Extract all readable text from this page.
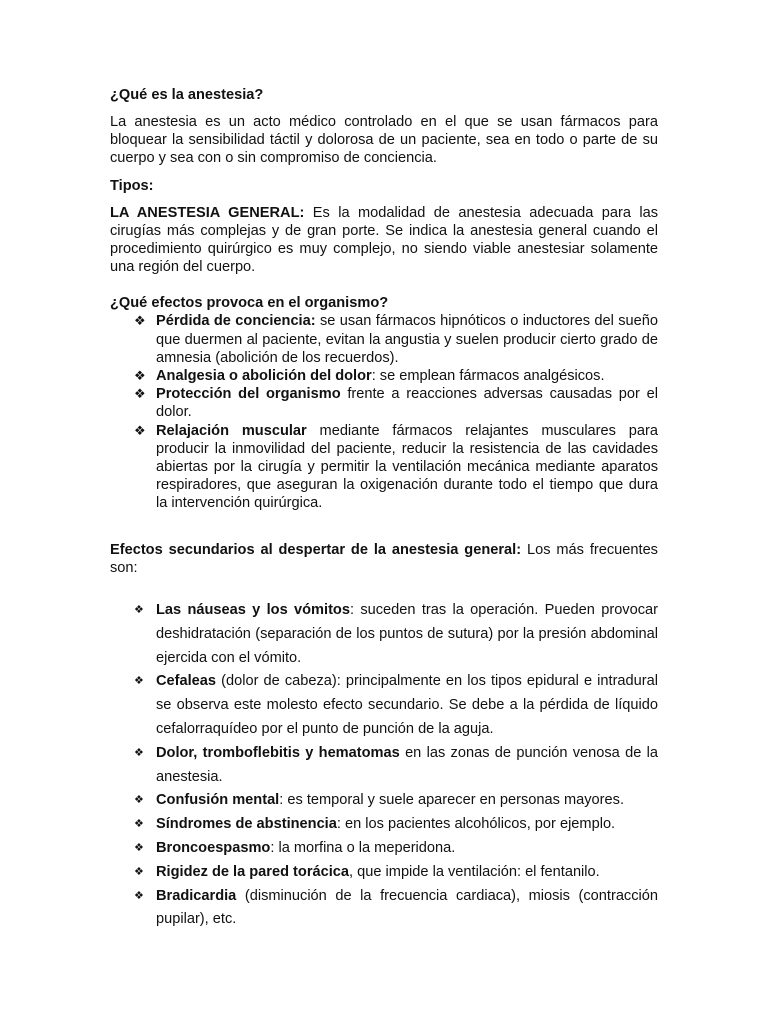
¿Qué es la anestesia?

La anestesia es un acto médico controlado en el que se usan fármacos para bloquear la sensibilidad táctil y dolorosa de un paciente, sea en todo o parte de su cuerpo y sea con o sin compromiso de conciencia.

Tipos:

LA ANESTESIA GENERAL: Es la modalidad de anestesia adecuada para las cirugías más complejas y de gran porte. Se indica la anestesia general cuando el procedimiento quirúrgico es muy complejo, no siendo viable anestesiar solamente una región del cuerpo.

¿Qué efectos provoca en el organismo?

❖ Pérdida de conciencia: se usan fármacos hipnóticos o inductores del sueño que duermen al paciente, evitan la angustia y suelen producir cierto grado de amnesia (abolición de los recuerdos).
❖ Analgesia o abolición del dolor: se emplean fármacos analgésicos.
❖ Protección del organismo frente a reacciones adversas causadas por el dolor.
❖ Relajación muscular mediante fármacos relajantes musculares para producir la inmovilidad del paciente, reducir la resistencia de las cavidades abiertas por la cirugía y permitir la ventilación mecánica mediante aparatos respiradores, que aseguran la oxigenación durante todo el tiempo que dura la intervención quirúrgica.

Efectos secundarios al despertar de la anestesia general: Los más frecuentes son:

❖ Las náuseas y los vómitos: suceden tras la operación. Pueden provocar deshidratación (separación de los puntos de sutura) por la presión abdominal ejercida con el vómito.
❖ Cefaleas (dolor de cabeza): principalmente en los tipos epidural e intradural se observa este molesto efecto secundario. Se debe a la pérdida de líquido cefalorraquídeo por el punto de punción de la aguja.
❖ Dolor, tromboflebitis y hematomas en las zonas de punción venosa de la anestesia.
❖ Confusión mental: es temporal y suele aparecer en personas mayores.
❖ Síndromes de abstinencia: en los pacientes alcohólicos, por ejemplo.
❖ Broncoespasmo: la morfina o la meperidona.
❖ Rigidez de la pared torácica, que impide la ventilación: el fentanilo.
❖ Bradicardia (disminución de la frecuencia cardiaca), miosis (contracción pupilar), etc.
